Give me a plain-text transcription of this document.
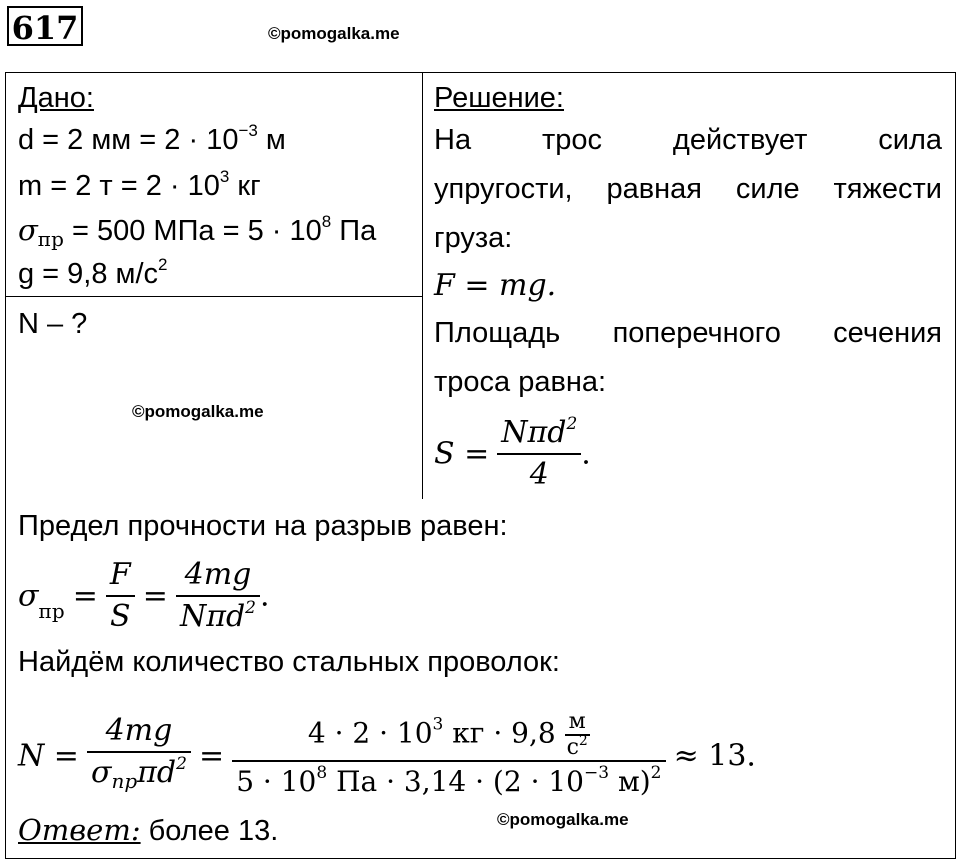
617	©pomogalka.me
Дано:
d = 2 мм = $2 \cdot 10^{-3}$ м
m = 2 $т = 2 \cdot 10^3$ кг
$\sigma_{пр} = 500$ МПа = $5 \cdot 10^8$ Па
g = 9,8 $м/с^2$
N – ?
©pomogalka.me
Решение:
На трос действует сила
упругости, равная силе тяжести
груза:
F = mg.
Площадь поперечного сечения
троса равна:
$S = \frac{N\pi d^2}{4}$ .
Предел прочности на разрыв равен:
$\sigma_{пр} = \frac{F}{S} = \frac{4mg}{N\pi d^2}$ .
Найдём количество стальных проволок:
$N = \frac{4mg}{\sigma_{пр}\pi d^2} = \frac{4 \cdot 2 \cdot 10^3 кг \cdot 9,8 \frac{м}{с^2}}{5 \cdot 10^8 Па \cdot 3,14 \cdot (2 \cdot 10^{-3} м)^2} \approx 13$.
Ответ: более 13.	©pomogalka.me
